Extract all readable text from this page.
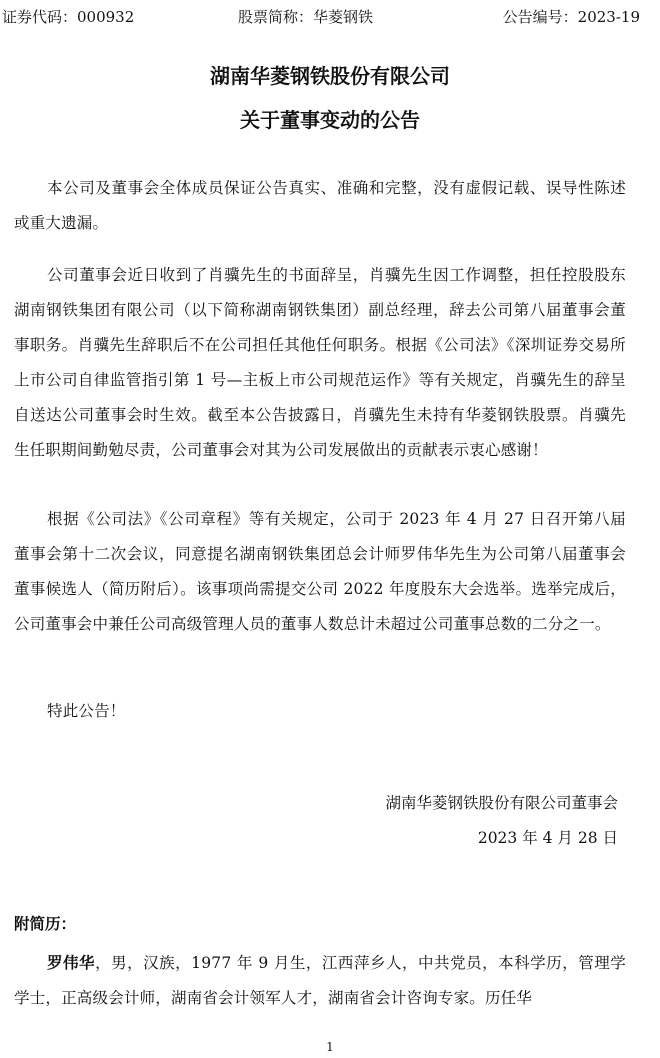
证券代码：000932	股票简称：华菱钢铁	公告编号：2023-19
湖南华菱钢铁股份有限公司
关于董事变动的公告
本公司及董事会全体成员保证公告真实、准确和完整，没有虚假记载、误导性陈述或重大遗漏。
公司董事会近日收到了肖骥先生的书面辞呈，肖骥先生因工作调整，担任控股股东湖南钢铁集团有限公司（以下简称湖南钢铁集团）副总经理，辞去公司第八届董事会董事职务。肖骥先生辞职后不在公司担任其他任何职务。根据《公司法》《深圳证券交易所上市公司自律监管指引第 1 号—主板上市公司规范运作》等有关规定，肖骥先生的辞呈自送达公司董事会时生效。截至本公告披露日，肖骥先生未持有华菱钢铁股票。肖骥先生任职期间勤勉尽责，公司董事会对其为公司发展做出的贡献表示衷心感谢！
根据《公司法》《公司章程》等有关规定，公司于 2023 年 4 月 27 日召开第八届董事会第十二次会议，同意提名湖南钢铁集团总会计师罗伟华先生为公司第八届董事会董事候选人（简历附后）。该事项尚需提交公司 2022 年度股东大会选举。选举完成后，公司董事会中兼任公司高级管理人员的董事人数总计未超过公司董事总数的二分之一。
特此公告！
湖南华菱钢铁股份有限公司董事会
2023 年 4 月 28 日
附简历：
罗伟华，男，汉族，1977 年 9 月生，江西萍乡人，中共党员，本科学历，管理学学士，正高级会计师，湖南省会计领军人才，湖南省会计咨询专家。历任华
1
